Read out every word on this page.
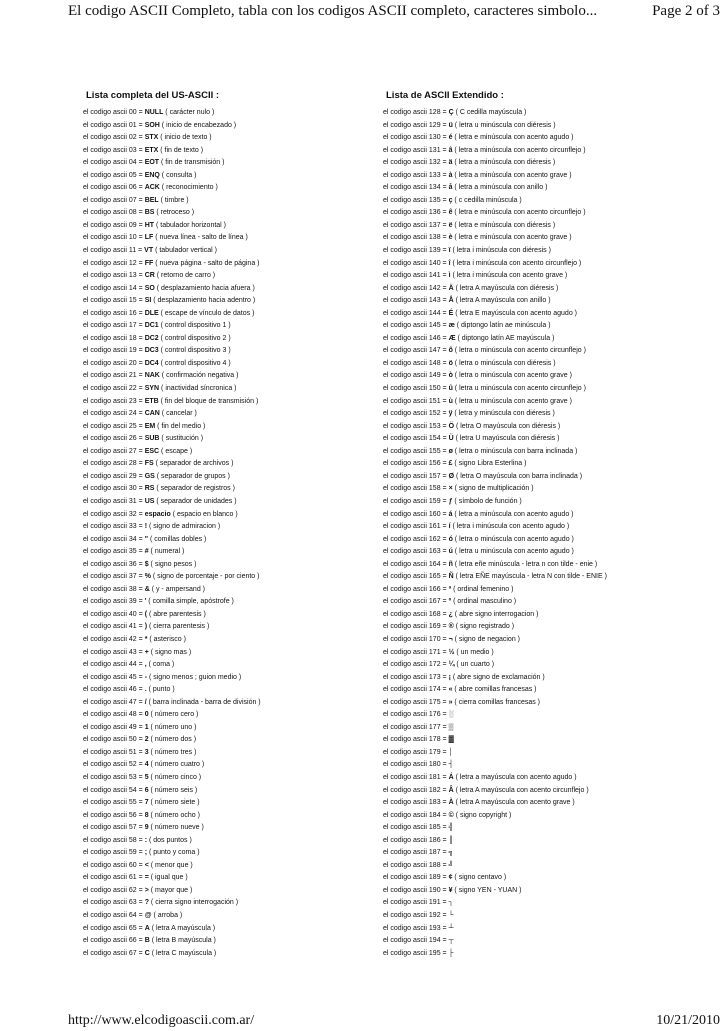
El codigo ASCII Completo, tabla con los codigos ASCII completo, caracteres simbolo...	Page 2 of 3
Lista completa del US-ASCII :
el codigo ascii 00 = NULL ( carácter nulo )
el codigo ascii 01 = SOH ( inicio de encabezado )
el codigo ascii 02 = STX ( inicio de texto )
el codigo ascii 03 = ETX ( fin de texto )
el codigo ascii 04 = EOT ( fin de transmisión )
el codigo ascii 05 = ENQ ( consulta )
el codigo ascii 06 = ACK ( reconocimiento )
el codigo ascii 07 = BEL ( timbre )
el codigo ascii 08 = BS ( retroceso )
el codigo ascii 09 = HT ( tabulador horizontal )
el codigo ascii 10 = LF ( nueva línea - salto de línea )
el codigo ascii 11 = VT ( tabulador vertical )
el codigo ascii 12 = FF ( nueva página - salto de página )
el codigo ascii 13 = CR ( retorno de carro )
el codigo ascii 14 = SO ( desplazamiento hacia afuera )
el codigo ascii 15 = SI ( desplazamiento hacia adentro )
el codigo ascii 16 = DLE ( escape de vínculo de datos )
el codigo ascii 17 = DC1 ( control dispositivo 1 )
el codigo ascii 18 = DC2 ( control dispositivo 2 )
el codigo ascii 19 = DC3 ( control dispositivo 3 )
el codigo ascii 20 = DC4 ( control dispositivo 4 )
el codigo ascii 21 = NAK ( confirmación negativa )
el codigo ascii 22 = SYN ( inactividad síncronica )
el codigo ascii 23 = ETB ( fin del bloque de transmisión )
el codigo ascii 24 = CAN ( cancelar )
el codigo ascii 25 = EM ( fin del medio )
el codigo ascii 26 = SUB ( sustitución )
el codigo ascii 27 = ESC ( escape )
el codigo ascii 28 = FS ( separador de archivos )
el codigo ascii 29 = GS ( separador de grupos )
el codigo ascii 30 = RS ( separador de registros )
el codigo ascii 31 = US ( separador de unidades )
el codigo ascii 32 = espacio ( espacio en blanco )
el codigo ascii 33 = ! ( signo de admiracion )
el codigo ascii 34 = " ( comillas dobles )
el codigo ascii 35 = # ( numeral )
el codigo ascii 36 = $ ( signo pesos )
el codigo ascii 37 = % ( signo de porcentaje - por ciento )
el codigo ascii 38 = & ( y - ampersand )
el codigo ascii 39 = ' ( comilla simple, apóstrofe )
el codigo ascii 40 = ( ( abre parentesis )
el codigo ascii 41 = ) ( cierra parentesis )
el codigo ascii 42 = * ( asterisco )
el codigo ascii 43 = + ( signo mas )
el codigo ascii 44 = , ( coma )
el codigo ascii 45 = - ( signo menos ; guion medio )
el codigo ascii 46 = . ( punto )
el codigo ascii 47 = / ( barra inclinada - barra de división )
el codigo ascii 48 = 0 ( número cero )
el codigo ascii 49 = 1 ( número uno )
el codigo ascii 50 = 2 ( número dos )
el codigo ascii 51 = 3 ( número tres )
el codigo ascii 52 = 4 ( número cuatro )
el codigo ascii 53 = 5 ( número cinco )
el codigo ascii 54 = 6 ( número seis )
el codigo ascii 55 = 7 ( número siete )
el codigo ascii 56 = 8 ( número ocho )
el codigo ascii 57 = 9 ( número nueve )
el codigo ascii 58 = : ( dos puntos )
el codigo ascii 59 = ; ( punto y coma )
el codigo ascii 60 = < ( menor que )
el codigo ascii 61 = = ( igual que )
el codigo ascii 62 = > ( mayor que )
el codigo ascii 63 = ? ( cierra signo interrogación )
el codigo ascii 64 = @ ( arroba )
el codigo ascii 65 = A ( letra A mayúscula )
el codigo ascii 66 = B ( letra B mayúscula )
el codigo ascii 67 = C ( letra C mayúscula )
Lista de ASCII Extendido :
el codigo ascii 128 = Ç ( C cedilla mayúscula )
el codigo ascii 129 = ü ( letra u minúscula con diéresis )
el codigo ascii 130 = é ( letra e minúscula con acento agudo )
el codigo ascii 131 = â ( letra a minúscula con acento circunflejo )
el codigo ascii 132 = ä ( letra a minúscula con diéresis )
el codigo ascii 133 = à ( letra a minúscula con acento grave )
el codigo ascii 134 = å ( letra a minúscula con anillo )
el codigo ascii 135 = ç ( c cedilla minúscula )
el codigo ascii 136 = ê ( letra e minúscula con acento circunflejo )
el codigo ascii 137 = ë ( letra e minúscula con diéresis )
el codigo ascii 138 = è ( letra e minúscula con acento grave )
el codigo ascii 139 = ï ( letra i minúscula con diéresis )
el codigo ascii 140 = î ( letra i minúscula con acento circunflejo )
el codigo ascii 141 = ì ( letra i minúscula con acento grave )
el codigo ascii 142 = Ä ( letra A mayúscula con diéresis )
el codigo ascii 143 = Å ( letra A mayúscula con anillo )
el codigo ascii 144 = É ( letra E mayúscula con acento agudo )
el codigo ascii 145 = æ ( diptongo latín ae minúscula )
el codigo ascii 146 = Æ ( diptongo latín AE mayúscula )
el codigo ascii 147 = ô ( letra o minúscula con acento circunflejo )
el codigo ascii 148 = ö ( letra o minúscula con diéresis )
el codigo ascii 149 = ò ( letra o minúscula con acento grave )
el codigo ascii 150 = û ( letra u minúscula con acento circunflejo )
el codigo ascii 151 = ù ( letra u minúscula con acento grave )
el codigo ascii 152 = ÿ ( letra y minúscula con diéresis )
el codigo ascii 153 = Ö ( letra O mayúscula con diéresis )
el codigo ascii 154 = Ü ( letra U mayúscula con diéresis )
el codigo ascii 155 = ø ( letra o minúscula con barra inclinada )
el codigo ascii 156 = £ ( signo Libra Esterlina )
el codigo ascii 157 = Ø ( letra O mayúscula con barra inclinada )
el codigo ascii 158 = × ( signo de multiplicación )
el codigo ascii 159 = ƒ ( símbolo de función )
el codigo ascii 160 = á ( letra a minúscula con acento agudo )
el codigo ascii 161 = í ( letra i minúscula con acento agudo )
el codigo ascii 162 = ó ( letra o minúscula con acento agudo )
el codigo ascii 163 = ú ( letra u minúscula con acento agudo )
el codigo ascii 164 = ñ ( letra eñe minúscula - letra n con tilde - enie )
el codigo ascii 165 = Ñ ( letra EÑE mayúscula - letra N con tilde - ENIE )
el codigo ascii 166 = ª ( ordinal femenino )
el codigo ascii 167 = º ( ordinal masculino )
el codigo ascii 168 = ¿ ( abre signo interrogacion )
el codigo ascii 169 = ® ( signo registrado )
el codigo ascii 170 = ¬ ( signo de negacion )
el codigo ascii 171 = ½ ( un medio )
el codigo ascii 172 = ¼ ( un cuarto )
el codigo ascii 173 = ¡ ( abre signo de exclamación )
el codigo ascii 174 = « ( abre comillas francesas )
el codigo ascii 175 = » ( cierra comillas francesas )
el codigo ascii 176 = ░
el codigo ascii 177 = ▒
el codigo ascii 178 = ▓
el codigo ascii 179 = │
el codigo ascii 180 = ┤
el codigo ascii 181 = Á ( letra a mayúscula con acento agudo )
el codigo ascii 182 = Â ( letra A mayúscula con acento circunflejo )
el codigo ascii 183 = À ( letra A mayúscula con acento grave )
el codigo ascii 184 = © ( signo copyright )
el codigo ascii 185 = ╣
el codigo ascii 186 = ║
el codigo ascii 187 = ╗
el codigo ascii 188 = ╝
el codigo ascii 189 = ¢ ( signo centavo )
el codigo ascii 190 = ¥ ( signo YEN - YUAN )
el codigo ascii 191 = ┐
el codigo ascii 192 = └
el codigo ascii 193 = ┴
el codigo ascii 194 = ┬
el codigo ascii 195 = ├
http://www.elcodigoascii.com.ar/	10/21/2010
